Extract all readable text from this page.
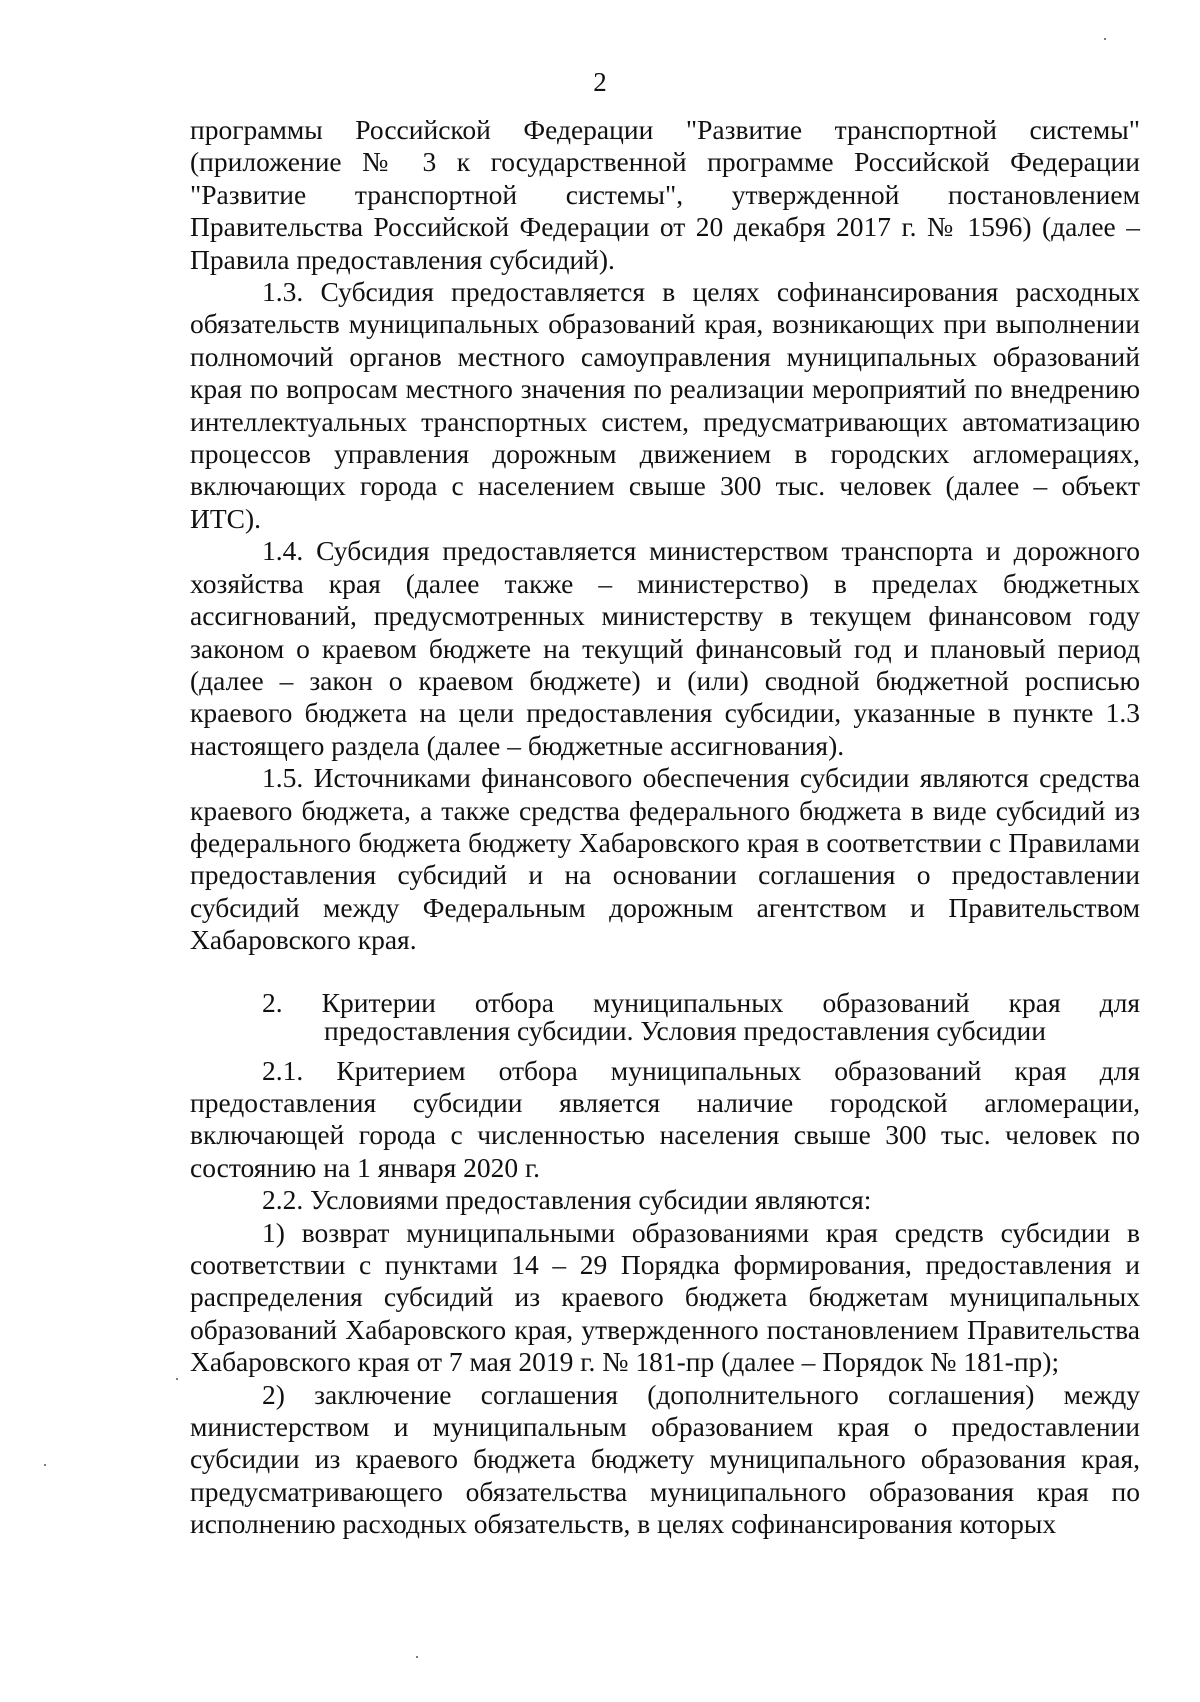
2

программы Российской Федерации "Развитие транспортной системы" (приложение № 3 к государственной программе Российской Федерации "Развитие транспортной системы", утвержденной постановлением Правительства Российской Федерации от 20 декабря 2017 г. № 1596) (далее – Правила предоставления субсидий).

1.3. Субсидия предоставляется в целях софинансирования расходных обязательств муниципальных образований края, возникающих при выполнении полномочий органов местного самоуправления муниципальных образований края по вопросам местного значения по реализации мероприятий по внедрению интеллектуальных транспортных систем, предусматривающих автоматизацию процессов управления дорожным движением в городских агломерациях, включающих города с населением свыше 300 тыс. человек (далее – объект ИТС).

1.4. Субсидия предоставляется министерством транспорта и дорожного хозяйства края (далее также – министерство) в пределах бюджетных ассигнований, предусмотренных министерству в текущем финансовом году законом о краевом бюджете на текущий финансовый год и плановый период (далее – закон о краевом бюджете) и (или) сводной бюджетной росписью краевого бюджета на цели предоставления субсидии, указанные в пункте 1.3 настоящего раздела (далее – бюджетные ассигнования).

1.5. Источниками финансового обеспечения субсидии являются средства краевого бюджета, а также средства федерального бюджета в виде субсидий из федерального бюджета бюджету Хабаровского края в соответствии с Правилами предоставления субсидий и на основании соглашения о предоставлении субсидий между Федеральным дорожным агентством и Правительством Хабаровского края.

2. Критерии отбора муниципальных образований края для
предоставления субсидии. Условия предоставления субсидии

2.1. Критерием отбора муниципальных образований края для предоставления субсидии является наличие городской агломерации, включающей города с численностью населения свыше 300 тыс. человек по состоянию на 1 января 2020 г.

2.2. Условиями предоставления субсидии являются:

1) возврат муниципальными образованиями края средств субсидии в соответствии с пунктами 14 – 29 Порядка формирования, предоставления и распределения субсидий из краевого бюджета бюджетам муниципальных образований Хабаровского края, утвержденного постановлением Правительства Хабаровского края от 7 мая 2019 г. № 181-пр (далее – Порядок № 181-пр);

2) заключение соглашения (дополнительного соглашения) между министерством и муниципальным образованием края о предоставлении субсидии из краевого бюджета бюджету муниципального образования края, предусматривающего обязательства муниципального образования края по исполнению расходных обязательств, в целях софинансирования которых
